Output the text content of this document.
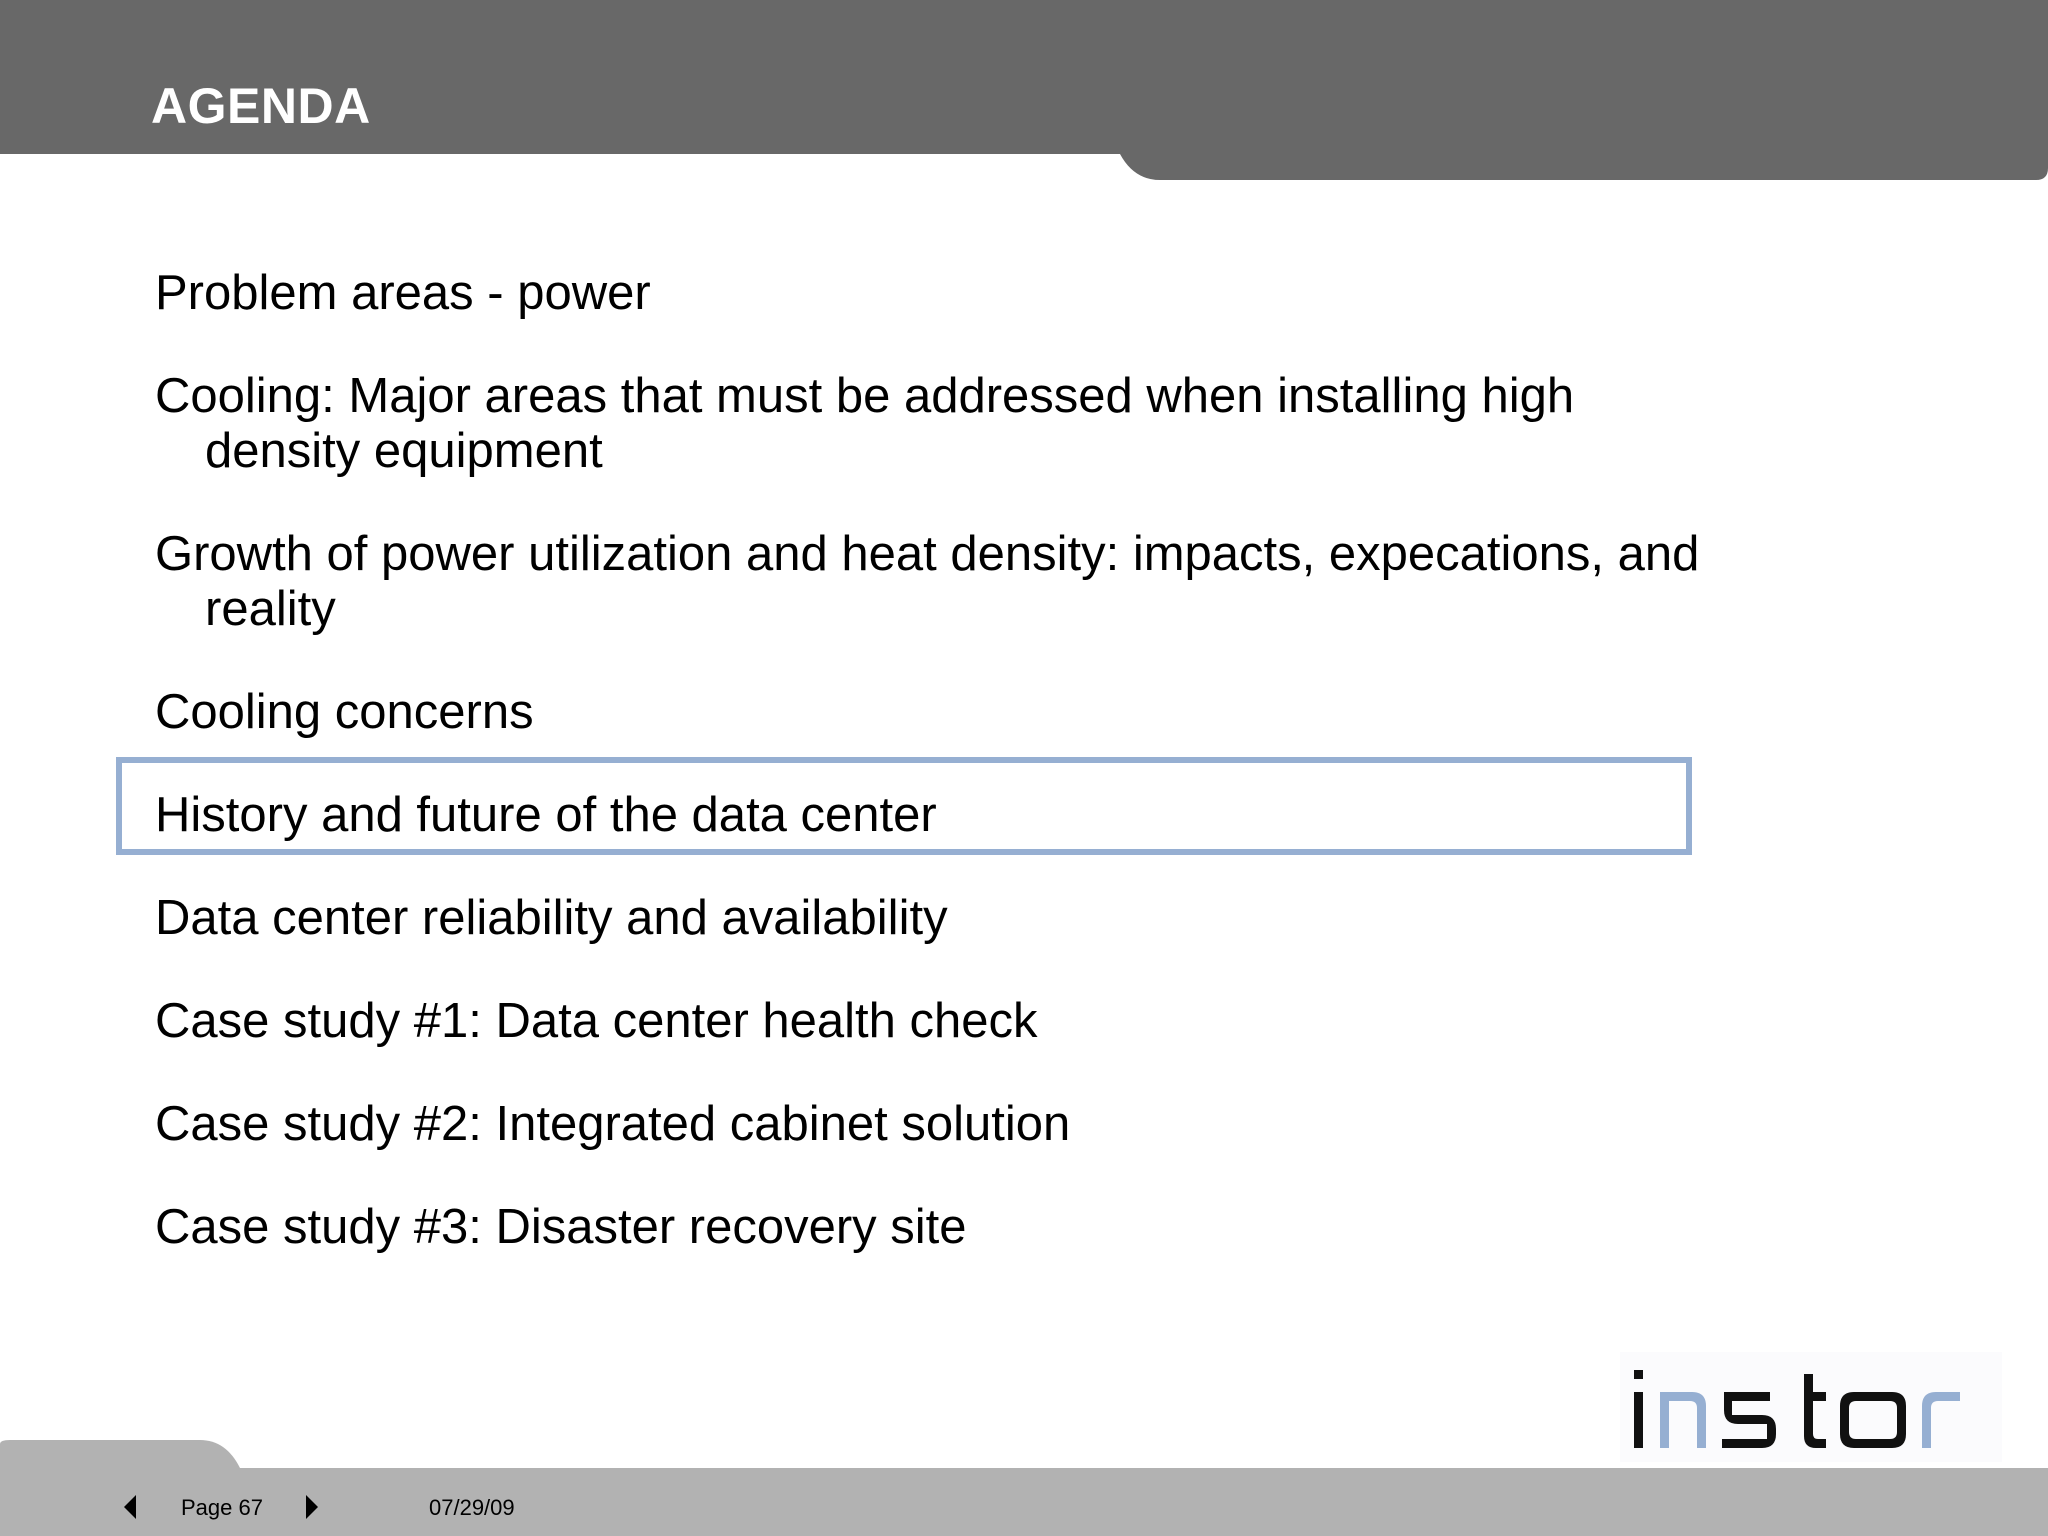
AGENDA
Problem areas - power
Cooling: Major areas that must be addressed when installing high density equipment
Growth of power utilization and heat density: impacts, expecations, and reality
Cooling concerns
History and future of the data center
Data center reliability and availability
Case study #1: Data center health check
Case study #2: Integrated cabinet solution
Case study #3: Disaster recovery site
Page 67	07/29/09
